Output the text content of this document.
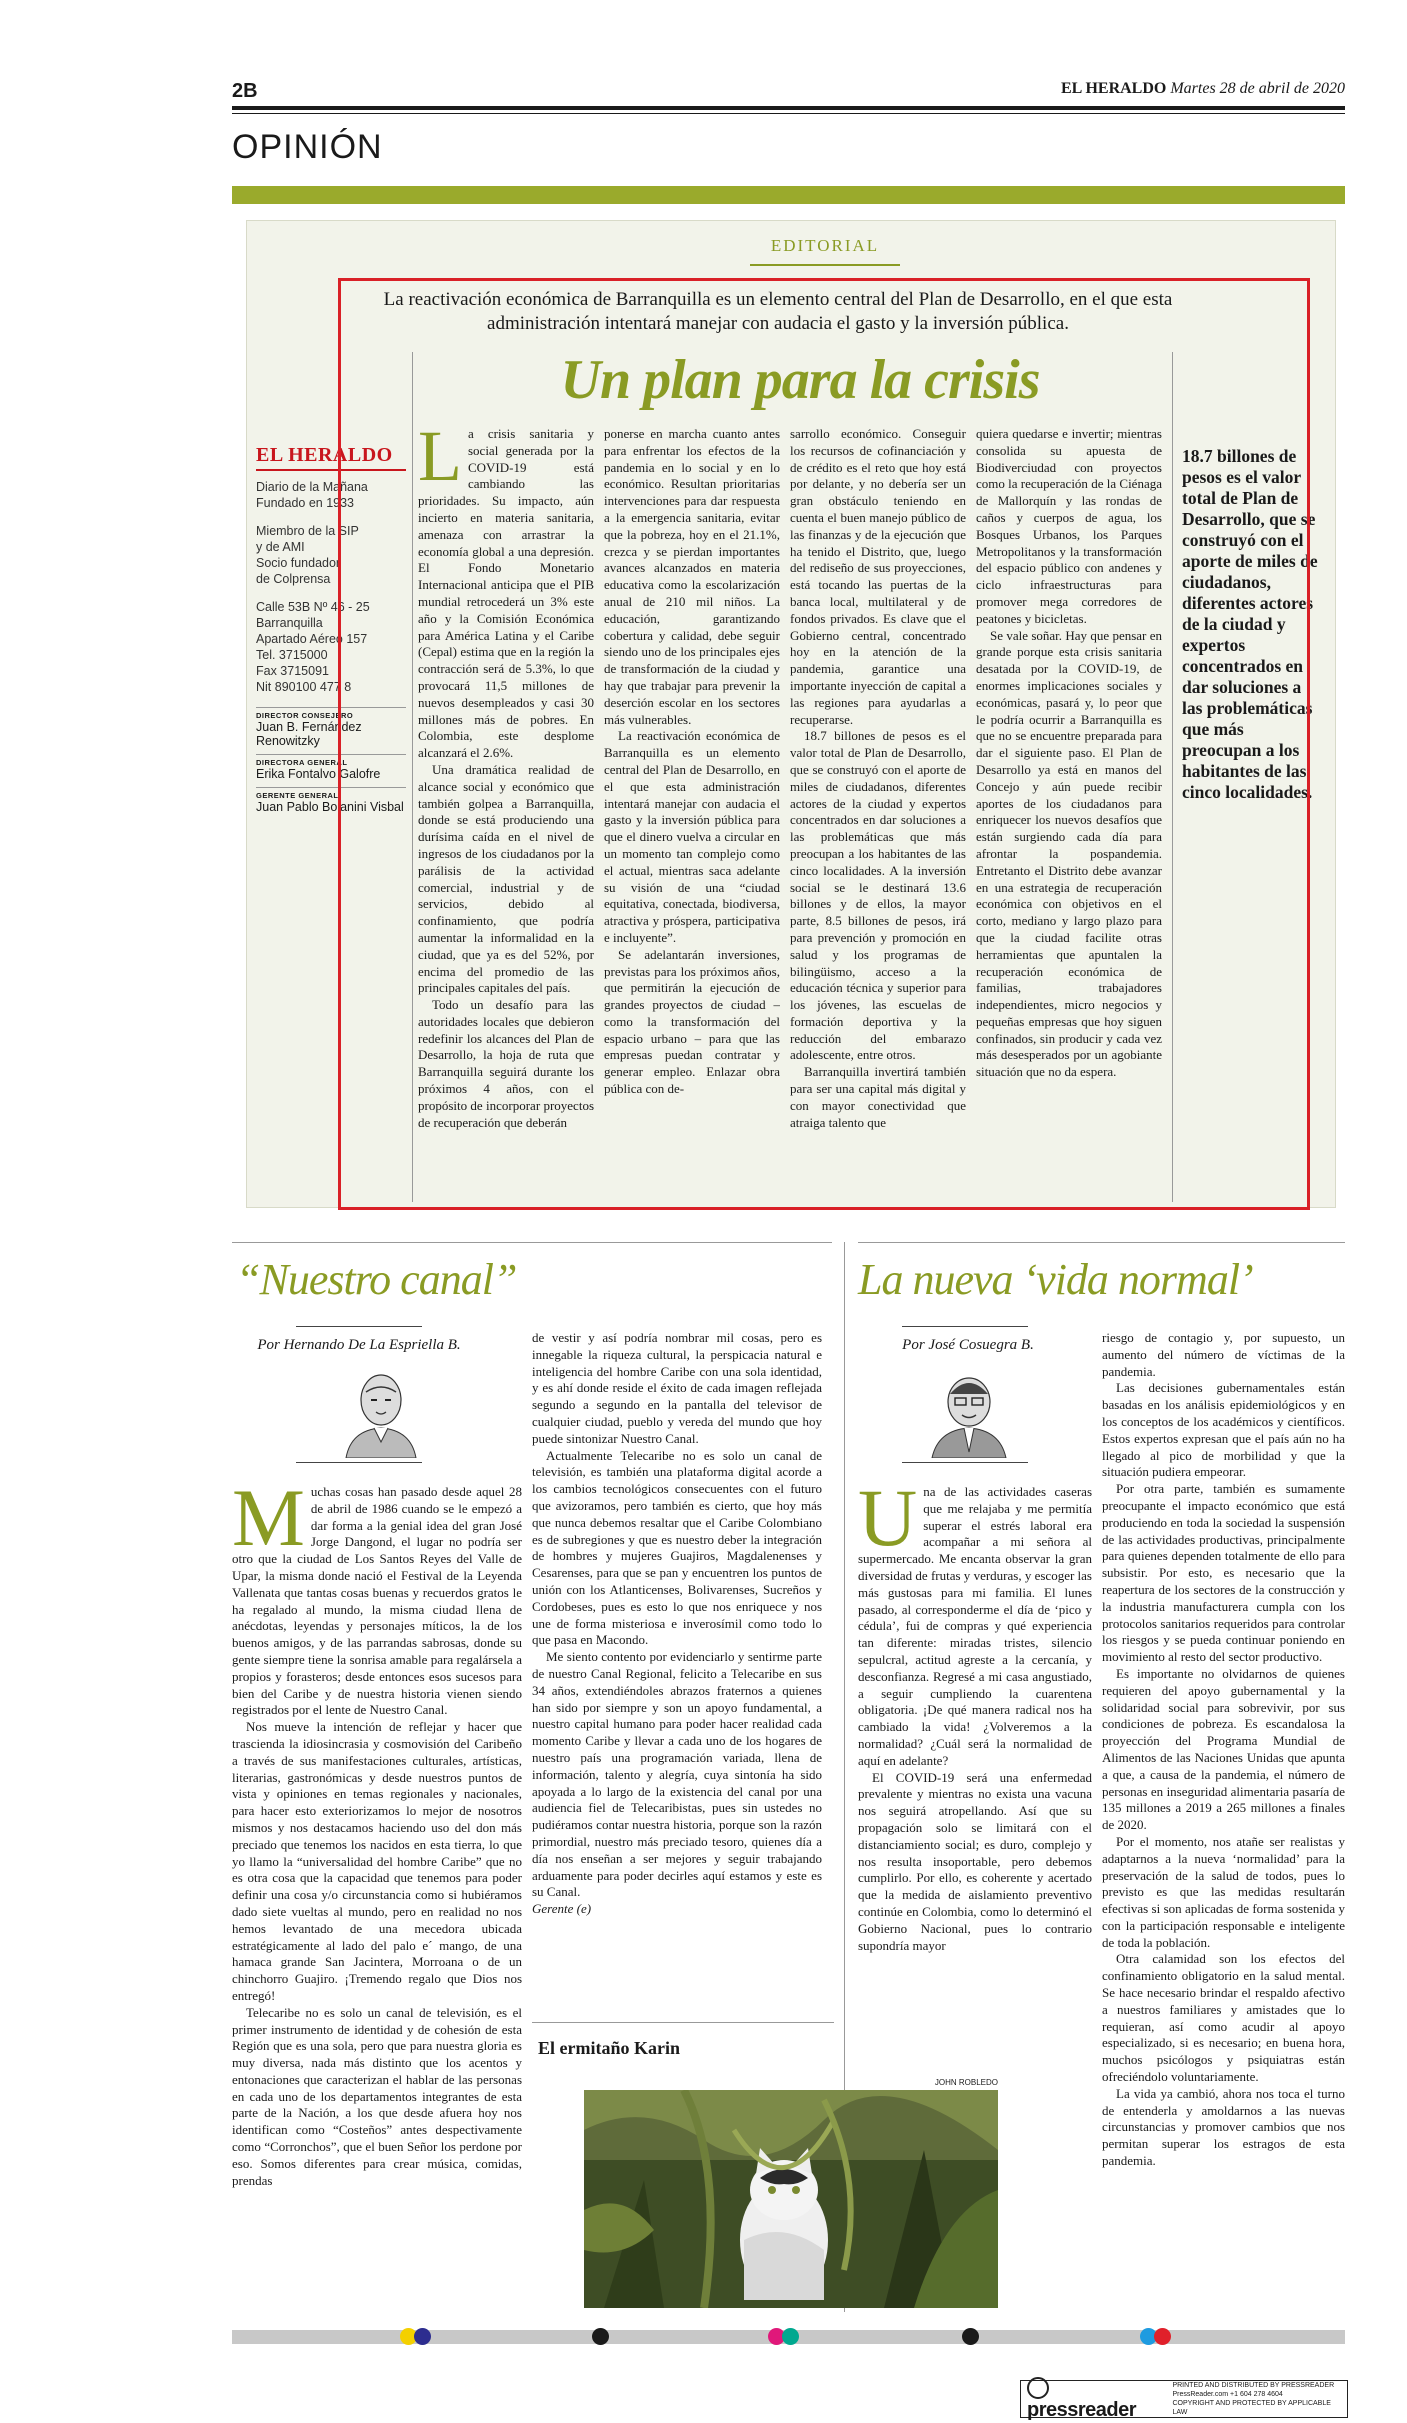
2B	EL HERALDO Martes 28 de abril de 2020
OPINIÓN
EDITORIAL
La reactivación económica de Barranquilla es un elemento central del Plan de Desarrollo, en el que esta administración intentará manejar con audacia el gasto y la inversión pública.
Un plan para la crisis
EL HERALDO
Diario de la Mañana
Fundado en 1933
Miembro de la SIP
y de AMI
Socio fundador
de Colprensa
Calle 53B Nº 46 - 25
Barranquilla
Apartado Aéreo 157
Tel. 3715000
Fax 3715091
Nit 890100 477 8
DIRECTOR CONSEJERO
Juan B. Fernández Renowitzky
DIRECTORA GENERAL
Erika Fontalvo Galofre
GERENTE GENERAL
Juan Pablo Bolanini Visbal

La crisis sanitaria y social generada por la COVID-19 está cambiando las prioridades. Su impacto, aún incierto en materia sanitaria, amenaza con arrastrar la economía global a una depresión. El Fondo Monetario Internacional anticipa que el PIB mundial retrocederá un 3% este año y la Comisión Económica para América Latina y el Caribe (Cepal) estima que en la región la contracción será de 5.3%, lo que provocará 11,5 millones de nuevos desempleados y casi 30 millones más de pobres. En Colombia, este desplome alcanzará el 2.6%.

Una dramática realidad de alcance social y económico que también golpea a Barranquilla, donde se está produciendo una durísima caída en el nivel de ingresos de los ciudadanos por la parálisis de la actividad comercial, industrial y de servicios, debido al confinamiento, que podría aumentar la informalidad en la ciudad, que ya es del 52%, por encima del promedio de las principales capitales del país.

Todo un desafío para las autoridades locales que debieron redefinir los alcances del Plan de Desarrollo, la hoja de ruta que Barranquilla seguirá durante los próximos 4 años, con el propósito de incorporar proyectos de recuperación que deberán

ponerse en marcha cuanto antes para enfrentar los efectos de la pandemia en lo social y en lo económico. Resultan prioritarias intervenciones para dar respuesta a la emergencia sanitaria, evitar que la pobreza, hoy en el 21.1%, crezca y se pierdan importantes avances alcanzados en materia educativa como la escolarización anual de 210 mil niños. La educación, garantizando cobertura y calidad, debe seguir siendo uno de los principales ejes de transformación de la ciudad y hay que trabajar para prevenir la deserción escolar en los sectores más vulnerables.

La reactivación económica de Barranquilla es un elemento central del Plan de Desarrollo, en el que esta administración intentará manejar con audacia el gasto y la inversión pública para que el dinero vuelva a circular en un momento tan complejo como el actual, mientras saca adelante su visión de una “ciudad equitativa, conectada, biodiversa, atractiva y próspera, participativa e incluyente”.

Se adelantarán inversiones, previstas para los próximos años, que permitirán la ejecución de grandes proyectos de ciudad – como la transformación del espacio urbano – para que las empresas puedan contratar y generar empleo. Enlazar obra pública con de-

sarrollo económico. Conseguir los recursos de cofinanciación y de crédito es el reto que hoy está por delante, y no debería ser un gran obstáculo teniendo en cuenta el buen manejo público de las finanzas y de la ejecución que ha tenido el Distrito, que, luego del rediseño de sus proyecciones, está tocando las puertas de la banca local, multilateral y de fondos privados. Es clave que el Gobierno central, concentrado hoy en la atención de la pandemia, garantice una importante inyección de capital a las regiones para ayudarlas a recuperarse.

18.7 billones de pesos es el valor total de Plan de Desarrollo, que se construyó con el aporte de miles de ciudadanos, diferentes actores de la ciudad y expertos concentrados en dar soluciones a las problemáticas que más preocupan a los habitantes de las cinco localidades. A la inversión social se le destinará 13.6 billones y de ellos, la mayor parte, 8.5 billones de pesos, irá para prevención y promoción en salud y los programas de bilingüismo, acceso a la educación técnica y superior para los jóvenes, las escuelas de formación deportiva y la reducción del embarazo adolescente, entre otros.

Barranquilla invertirá también para ser una capital más digital y con mayor conectividad que atraiga talento que

quiera quedarse e invertir; mientras consolida su apuesta de Biodiverciudad con proyectos como la recuperación de la Ciénaga de Mallorquín y las rondas de caños y cuerpos de agua, los Bosques Urbanos, los Parques Metropolitanos y la transformación del espacio público con andenes y ciclo infraestructuras para promover mega corredores de peatones y bicicletas.

Se vale soñar. Hay que pensar en grande porque esta crisis sanitaria desatada por la COVID-19, de enormes implicaciones sociales y económicas, pasará y, lo peor que le podría ocurrir a Barranquilla es que no se encuentre preparada para dar el siguiente paso. El Plan de Desarrollo ya está en manos del Concejo y aún puede recibir aportes de los ciudadanos para enriquecer los nuevos desafíos que están surgiendo cada día para afrontar la pospandemia. Entretanto el Distrito debe avanzar en una estrategia de recuperación económica con objetivos en el corto, mediano y largo plazo para que la ciudad facilite otras herramientas que apuntalen la recuperación económica de familias, trabajadores independientes, micro negocios y pequeñas empresas que hoy siguen confinados, sin producir y cada vez más desesperados por un agobiante situación que no da espera.

18.7 billones de pesos es el valor total de Plan de Desarrollo, que se construyó con el aporte de miles de ciudadanos, diferentes actores de la ciudad y expertos concentrados en dar soluciones a las problemáticas que más preocupan a los habitantes de las cinco localidades.
“Nuestro canal”
Por Hernando De La Espriella B.

Muchas cosas han pasado desde aquel 28 de abril de 1986 cuando se le empezó a dar forma a la genial idea del gran José Jorge Dangond, el lugar no podría ser otro que la ciudad de Los Santos Reyes del Valle de Upar, la misma donde nació el Festival de la Leyenda Vallenata que tantas cosas buenas y recuerdos gratos le ha regalado al mundo, la misma ciudad llena de anécdotas, leyendas y personajes míticos, la de los buenos amigos, y de las parrandas sabrosas, donde su gente siempre tiene la sonrisa amable para regalársela a propios y forasteros; desde entonces esos sucesos para bien del Caribe y de nuestra historia vienen siendo registrados por el lente de Nuestro Canal.

Nos mueve la intención de reflejar y hacer que trascienda la idiosincrasia y cosmovisión del Caribeño a través de sus manifestaciones culturales, artísticas, literarias, gastronómicas y desde nuestros puntos de vista y opiniones en temas regionales y nacionales, para hacer esto exteriorizamos lo mejor de nosotros mismos y nos destacamos haciendo uso del don más preciado que tenemos los nacidos en esta tierra, lo que yo llamo la “universalidad del hombre Caribe” que no es otra cosa que la capacidad que tenemos para poder definir una cosa y/o circunstancia como si hubiéramos dado siete vueltas al mundo, pero en realidad no nos hemos levantado de una mecedora ubicada estratégicamente al lado del palo e´ mango, de una hamaca grande San Jacintera, Morroana o de un chinchorro Guajiro. ¡Tremendo regalo que Dios nos entregó!

Telecaribe no es solo un canal de televisión, es el primer instrumento de identidad y de cohesión de esta Región que es una sola, pero que para nuestra gloria es muy diversa, nada más distinto que los acentos y entonaciones que caracterizan el hablar de las personas en cada uno de los departamentos integrantes de esta parte de la Nación, a los que desde afuera hoy nos identifican como “Costeños” antes despectivamente como “Corronchos”, que el buen Señor los perdone por eso. Somos diferentes para crear música, comidas, prendas

de vestir y así podría nombrar mil cosas, pero es innegable la riqueza cultural, la perspicacia natural e inteligencia del hombre Caribe con una sola identidad, y es ahí donde reside el éxito de cada imagen reflejada segundo a segundo en la pantalla del televisor de cualquier ciudad, pueblo y vereda del mundo que hoy puede sintonizar Nuestro Canal.

Actualmente Telecaribe no es solo un canal de televisión, es también una plataforma digital acorde a los cambios tecnológicos consecuentes con el futuro que avizoramos, pero también es cierto, que hoy más que nunca debemos resaltar que el Caribe Colombiano es de subregiones y que es nuestro deber la integración de hombres y mujeres Guajiros, Magdalenenses y Cesarenses, para que se pan y encuentren los puntos de unión con los Atlanticenses, Bolivarenses, Sucreños y Cordobeses, pues es esto lo que nos enriquece y nos une de forma misteriosa e inverosímil como todo lo que pasa en Macondo.

Me siento contento por evidenciarlo y sentirme parte de nuestro Canal Regional, felicito a Telecaribe en sus 34 años, extendiéndoles abrazos fraternos a quienes han sido por siempre y son un apoyo fundamental, a nuestro capital humano para poder hacer realidad cada momento Caribe y llevar a cada uno de los hogares de nuestro país una programación variada, llena de información, talento y alegría, cuya sintonía ha sido apoyada a lo largo de la existencia del canal por una audiencia fiel de Telecaribistas, pues sin ustedes no pudiéramos contar nuestra historia, porque son la razón primordial, nuestro más preciado tesoro, quienes día a día nos enseñan a ser mejores y seguir trabajando arduamente para poder decirles aquí estamos y este es su Canal.

Gerente (e)

El ermitaño Karin
JOHN ROBLEDO
La nueva ‘vida normal’
Por José Cosuegra B.

Una de las actividades caseras que me relajaba y me permitía superar el estrés laboral era acompañar a mi señora al supermercado. Me encanta observar la gran diversidad de frutas y verduras, y escoger las más gustosas para mi familia. El lunes pasado, al corresponderme el día de ‘pico y cédula’, fui de compras y qué experiencia tan diferente: miradas tristes, silencio sepulcral, actitud agreste a la cercanía, y desconfianza. Regresé a mi casa angustiado, a seguir cumpliendo la cuarentena obligatoria. ¡De qué manera radical nos ha cambiado la vida! ¿Volveremos a la normalidad? ¿Cuál será la normalidad de aquí en adelante?

El COVID-19 será una enfermedad prevalente y mientras no exista una vacuna nos seguirá atropellando. Así que su propagación solo se limitará con el distanciamiento social; es duro, complejo y nos resulta insoportable, pero debemos cumplirlo. Por ello, es coherente y acertado que la medida de aislamiento preventivo continúe en Colombia, como lo determinó el Gobierno Nacional, pues lo contrario supondría mayor

riesgo de contagio y, por supuesto, un aumento del número de víctimas de la pandemia.

Las decisiones gubernamentales están basadas en los análisis epidemiológicos y en los conceptos de los académicos y científicos. Estos expertos expresan que el país aún no ha llegado al pico de morbilidad y que la situación pudiera empeorar.

Por otra parte, también es sumamente preocupante el impacto económico que está produciendo en toda la sociedad la suspensión de las actividades productivas, principalmente para quienes dependen totalmente de ello para subsistir. Por esto, es necesario que la reapertura de los sectores de la construcción y la industria manufacturera cumpla con los protocolos sanitarios requeridos para controlar los riesgos y se pueda continuar poniendo en movimiento al resto del sector productivo.

Es importante no olvidarnos de quienes requieren del apoyo gubernamental y la solidaridad social para sobrevivir, por sus condiciones de pobreza. Es escandalosa la proyección del Programa Mundial de Alimentos de las Naciones Unidas que apunta a que, a causa de la pandemia, el número de personas en inseguridad alimentaria pasaría de 135 millones a 2019 a 265 millones a finales de 2020.

Por el momento, nos atañe ser realistas y adaptarnos a la nueva ‘normalidad’ para la preservación de la salud de todos, pues lo previsto es que las medidas resultarán efectivas si son aplicadas de forma sostenida y con la participación responsable e inteligente de toda la población.

Otra calamidad son los efectos del confinamiento obligatorio en la salud mental. Se hace necesario brindar el respaldo afectivo a nuestros familiares y amistades que lo requieran, así como acudir al apoyo especializado, si es necesario; en buena hora, muchos psicólogos y psiquiatras están ofreciéndolo voluntariamente.

La vida ya cambió, ahora nos toca el turno de entenderla y amoldarnos a las nuevas circunstancias y promover cambios que nos permitan superar los estragos de esta pandemia.

pressreader
PRINTED AND DISTRIBUTED BY PRESSREADER
PressReader.com +1 604 278 4604
COPYRIGHT AND PROTECTED BY APPLICABLE LAW
